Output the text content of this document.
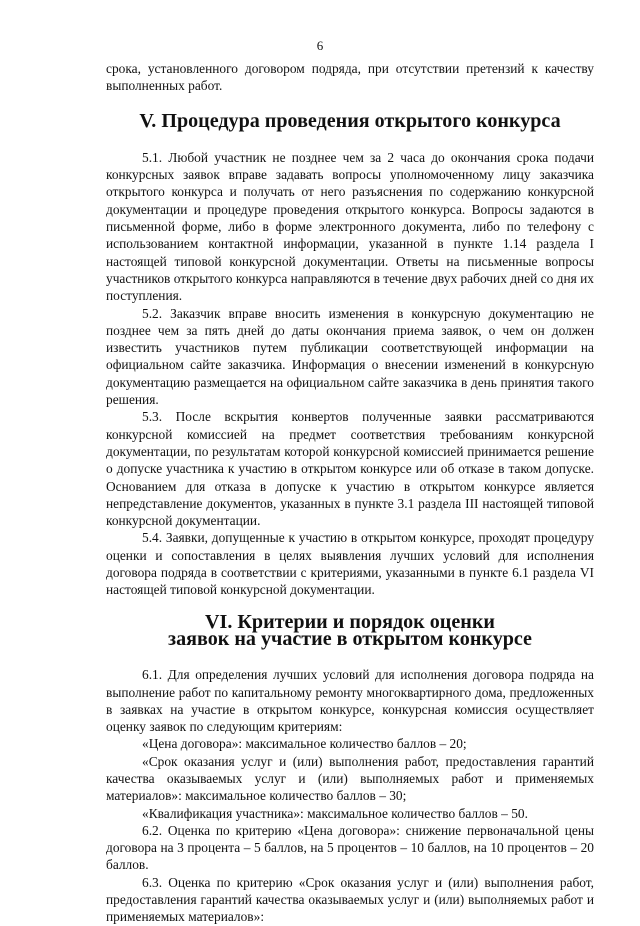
6

срока, установленного договором подряда, при отсутствии претензий к качеству выполненных работ.

V. Процедура проведения открытого конкурса

5.1. Любой участник не позднее чем за 2 часа до окончания срока подачи конкурсных заявок вправе задавать вопросы уполномоченному лицу заказчика открытого конкурса и получать от него разъяснения по содержанию конкурсной документации и процедуре проведения открытого конкурса. Вопросы задаются в письменной форме, либо в форме электронного документа, либо по телефону с использованием контактной информации, указанной в пункте 1.14 раздела I настоящей типовой конкурсной документации. Ответы на письменные вопросы участников открытого конкурса направляются в течение двух рабочих дней со дня их поступления.

5.2. Заказчик вправе вносить изменения в конкурсную документацию не позднее чем за пять дней до даты окончания приема заявок, о чем он должен известить участников путем публикации соответствующей информации на официальном сайте заказчика. Информация о внесении изменений в конкурсную документацию размещается на официальном сайте заказчика в день принятия такого решения.

5.3. После вскрытия конвертов полученные заявки рассматриваются конкурсной комиссией на предмет соответствия требованиям конкурсной документации, по результатам которой конкурсной комиссией принимается решение о допуске участника к участию в открытом конкурсе или об отказе в таком допуске. Основанием для отказа в допуске к участию в открытом конкурсе является непредставление документов, указанных в пункте 3.1 раздела III настоящей типовой конкурсной документации.

5.4. Заявки, допущенные к участию в открытом конкурсе, проходят процедуру оценки и сопоставления в целях выявления лучших условий для исполнения договора подряда в соответствии с критериями, указанными в пункте 6.1 раздела VI настоящей типовой конкурсной документации.

VI. Критерии и порядок оценки
заявок на участие в открытом конкурсе

6.1. Для определения лучших условий для исполнения договора подряда на выполнение работ по капитальному ремонту многоквартирного дома, предложенных в заявках на участие в открытом конкурсе, конкурсная комиссия осуществляет оценку заявок по следующим критериям:

«Цена договора»: максимальное количество баллов – 20;

«Срок оказания услуг и (или) выполнения работ, предоставления гарантий качества оказываемых услуг и (или) выполняемых работ и применяемых материалов»: максимальное количество баллов – 30;

«Квалификация участника»: максимальное количество баллов – 50.

6.2. Оценка по критерию «Цена договора»: снижение первоначальной цены договора на 3 процента – 5 баллов, на 5 процентов – 10 баллов, на 10 процентов – 20 баллов.

6.3. Оценка по критерию «Срок оказания услуг и (или) выполнения работ, предоставления гарантий качества оказываемых услуг и (или) выполняемых работ и применяемых материалов»:
